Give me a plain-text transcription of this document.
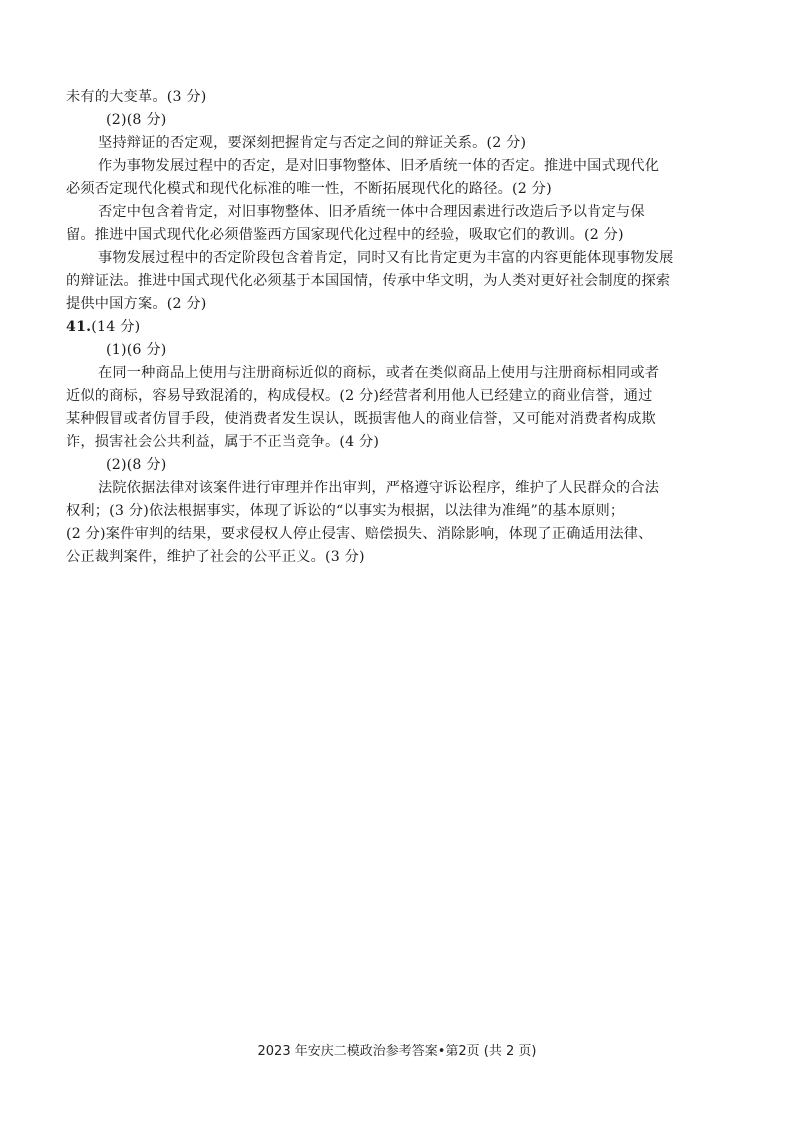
未有的大变革。(3 分)
(2)(8 分)
坚持辩证的否定观，要深刻把握肯定与否定之间的辩证关系。(2 分)
作为事物发展过程中的否定，是对旧事物整体、旧矛盾统一体的否定。推进中国式现代化
必须否定现代化模式和现代化标准的唯一性，不断拓展现代化的路径。(2 分)
否定中包含着肯定，对旧事物整体、旧矛盾统一体中合理因素进行改造后予以肯定与保
留。推进中国式现代化必须借鉴西方国家现代化过程中的经验，吸取它们的教训。(2 分)
事物发展过程中的否定阶段包含着肯定，同时又有比肯定更为丰富的内容更能体现事物发展
的辩证法。推进中国式现代化必须基于本国国情，传承中华文明，为人类对更好社会制度的探索
提供中国方案。(2 分)
41.(14 分)
(1)(6 分)
在同一种商品上使用与注册商标近似的商标，或者在类似商品上使用与注册商标相同或者
近似的商标，容易导致混淆的，构成侵权。(2 分)经营者利用他人已经建立的商业信誉，通过
某种假冒或者仿冒手段，使消费者发生误认，既损害他人的商业信誉，又可能对消费者构成欺
诈，损害社会公共利益，属于不正当竞争。(4 分)
(2)(8 分)
法院依据法律对该案件进行审理并作出审判，严格遵守诉讼程序，维护了人民群众的合法
权利；(3 分)依法根据事实，体现了诉讼的“以事实为根据，以法律为准绳”的基本原则；
(2 分)案件审判的结果，要求侵权人停止侵害、赔偿损失、消除影响，体现了正确适用法律、
公正裁判案件，维护了社会的公平正义。(3 分)
2023 年安庆二模政治参考答案•第2页 (共 2 页)
